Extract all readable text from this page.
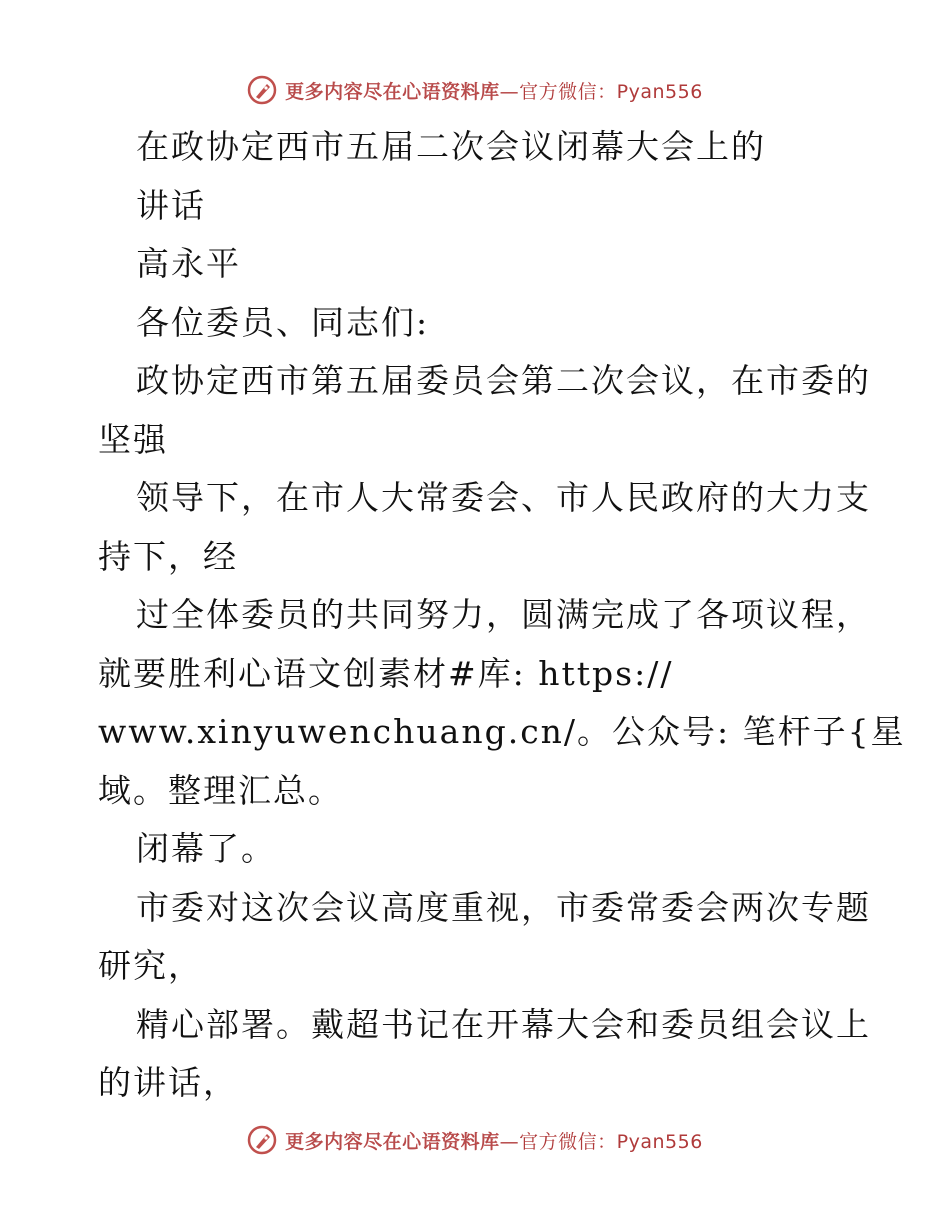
更多内容尽在心语资料库—官方微信：Pyan556
在政协定西市五届二次会议闭幕大会上的
讲话
高永平
各位委员、同志们:
政协定西市第五届委员会第二次会议，在市委的
坚强
领导下，在市人大常委会、市人民政府的大力支
持下，经
过全体委员的共同努力，圆满完成了各项议程，
就要胜利心语文创素材#库: https://
www.xinyuwenchuang.cn/。公众号: 笔杆子{星
域。整理汇总。
闭幕了。
市委对这次会议高度重视，市委常委会两次专题
研究，
精心部署。戴超书记在开幕大会和委员组会议上
的讲话，
更多内容尽在心语资料库—官方微信：Pyan556
